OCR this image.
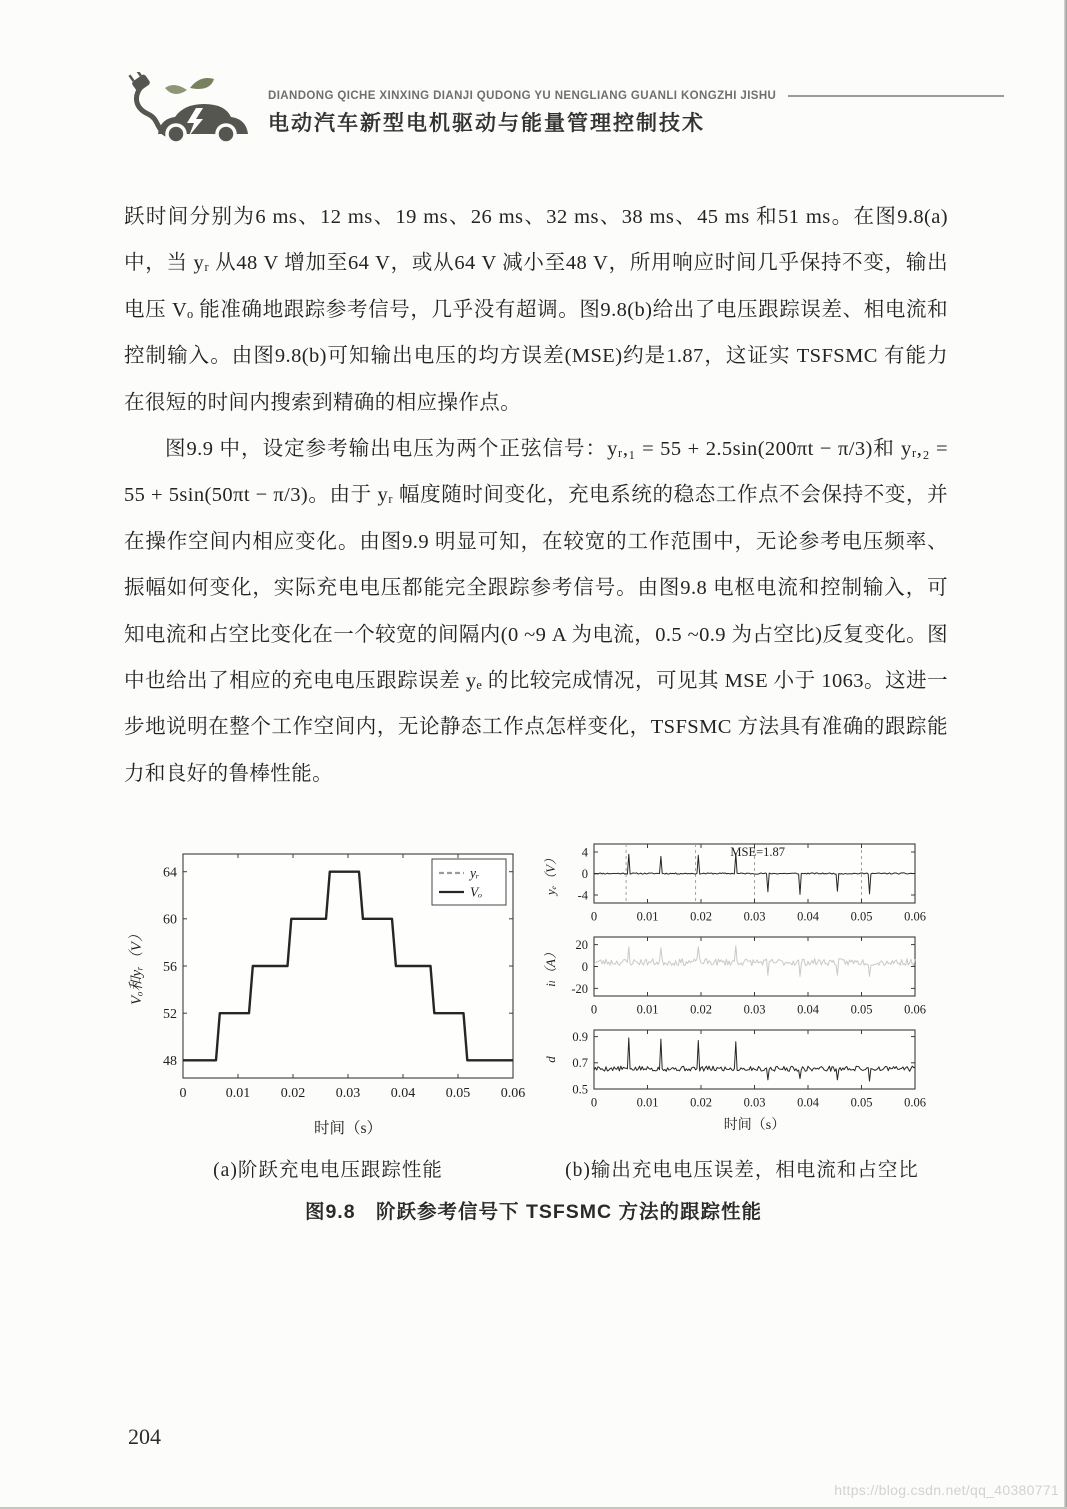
DIANDONG QICHE XINXING DIANJI QUDONG YU NENGLIANG GUANLI KONGZHI JISHU
电动汽车新型电机驱动与能量管理控制技术

跃时间分别为6 ms、12 ms、19 ms、26 ms、32 ms、38 ms、45 ms 和51 ms。在图9.8(a)中，当 yᵣ 从48 V 增加至64 V，或从64 V 减小至48 V，所用响应时间几乎保持不变，输出电压 Vₒ 能准确地跟踪参考信号，几乎没有超调。图9.8(b)给出了电压跟踪误差、相电流和控制输入。由图9.8(b)可知输出电压的均方误差(MSE)约是1.87，这证实 TSFSMC 有能力在很短的时间内搜索到精确的相应操作点。

图9.9 中，设定参考输出电压为两个正弦信号：yᵣ,₁ = 55 + 2.5sin(200πt − π/3)和 yᵣ,₂ = 55 + 5sin(50πt − π/3)。由于 yᵣ 幅度随时间变化，充电系统的稳态工作点不会保持不变，并在操作空间内相应变化。由图9.9 明显可知，在较宽的工作范围中，无论参考电压频率、振幅如何变化，实际充电电压都能完全跟踪参考信号。由图9.8 电枢电流和控制输入，可知电流和占空比变化在一个较宽的间隔内(0 ~9 A 为电流，0.5 ~0.9 为占空比)反复变化。图中也给出了相应的充电电压跟踪误差 yₑ 的比较完成情况，可见其 MSE 小于 1063。这进一步地说明在整个工作空间内，无论静态工作点怎样变化，TSFSMC 方法具有准确的跟踪能力和良好的鲁棒性能。

0	0.01 0.02 0.03 0.04 0.05 0.06
48
52
56
60
64	yᵣ
Vₒ
Vₒ和yᵣ（V）
时间（s）
0	0.01	0.02	0.03	0.04	0.05	0.06
-4
0
4	MSE=1.87
yₑ（V）
0	0.01	0.02	0.03	0.04	0.05	0.06
-20
0
20
iₗ（A）
0	0.01	0.02	0.03	0.04	0.05	0.06
0.5
0.7
0.9
d
时间（s）
(a)阶跃充电电压跟踪性能	(b)输出充电电压误差，相电流和占空比
图9.8　阶跃参考信号下 TSFSMC 方法的跟踪性能
204
https://blog.csdn.net/qq_40380771
